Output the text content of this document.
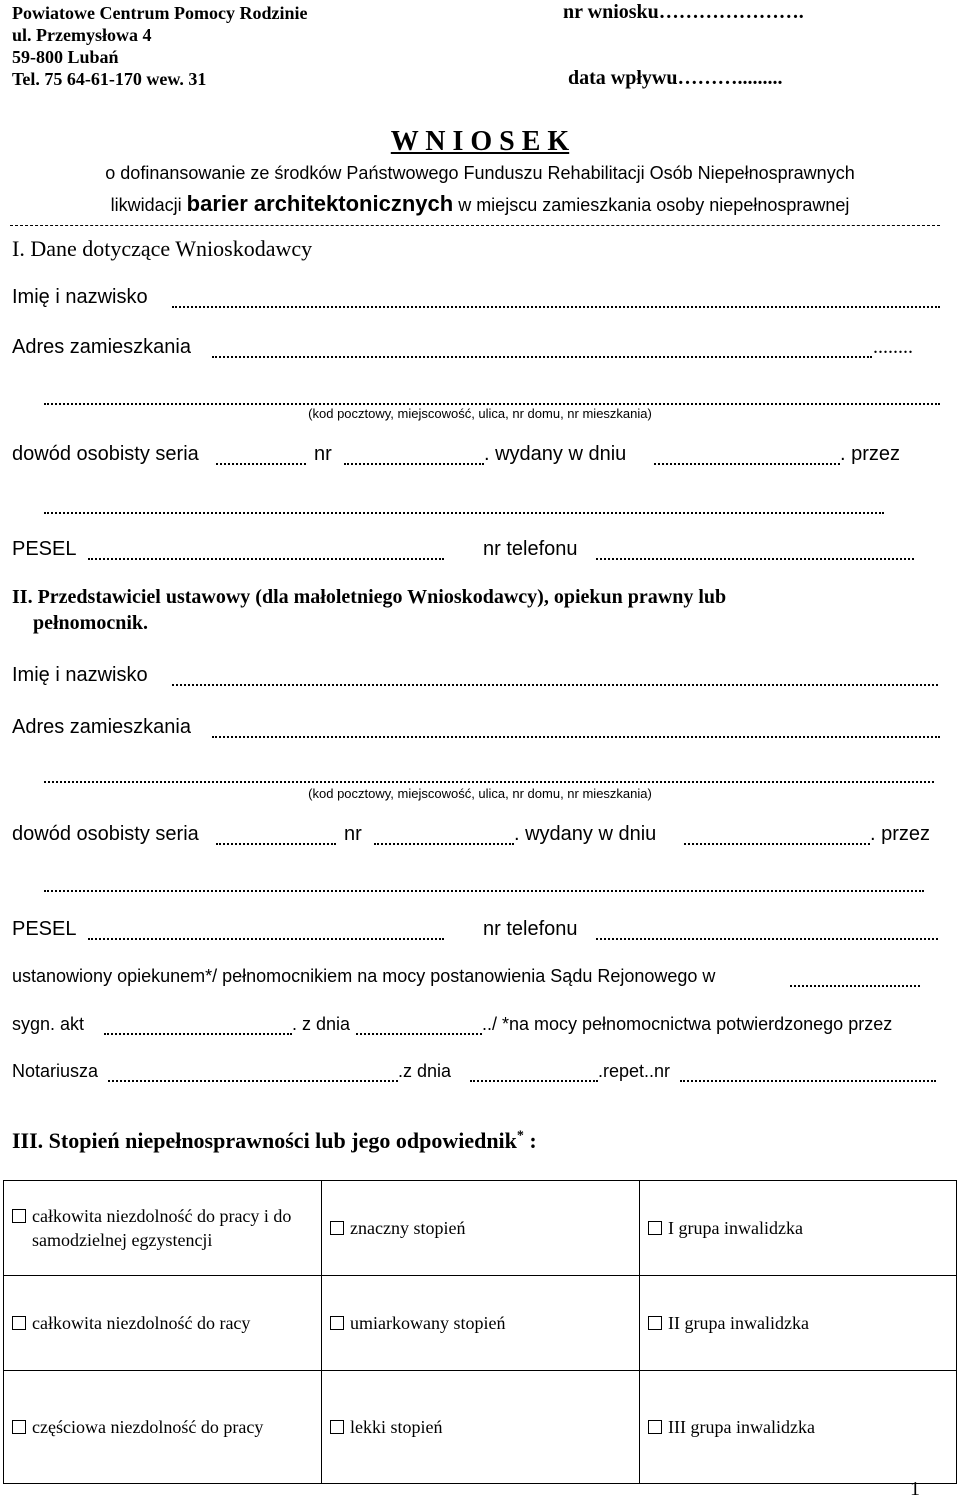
Powiatowe Centrum Pomocy Rodzinie
ul. Przemysłowa 4
59-800 Lubań
Tel. 75 64-61-170 wew. 31
nr wniosku………………….
data wpływu……….........
W N I O S E K
o dofinansowanie ze środków Państwowego Funduszu Rehabilitacji Osób Niepełnosprawnych
likwidacji barier architektonicznych w miejscu zamieszkania osoby niepełnosprawnej
I. Dane dotyczące Wnioskodawcy
Imię i nazwisko
Adres zamieszkania	........
(kod pocztowy, miejscowość, ulica, nr domu, nr mieszkania)
dowód osobisty seria	nr	. wydany w dniu	. przez
PESEL	nr telefonu
II. Przedstawiciel ustawowy (dla małoletniego Wnioskodawcy), opiekun prawny lub
pełnomocnik.
Imię i nazwisko
Adres zamieszkania
(kod pocztowy, miejscowość, ulica, nr domu, nr mieszkania)
dowód osobisty seria	nr	. wydany w dniu	. przez
PESEL	nr telefonu
ustanowiony opiekunem*/ pełnomocnikiem na mocy postanowienia Sądu Rejonowego w
sygn. akt	. z dnia	../ *na mocy pełnomocnictwa potwierdzonego przez
Notariusza	.z dnia	.repet..nr
III. Stopień niepełnosprawności lub jego odpowiednik* :
całkowita niezdolność do pracy i do samodzielnej egzystencji	znaczny stopień	I grupa inwalidzka

całkowita niezdolność do racy	umiarkowany stopień	II grupa inwalidzka

częściowa niezdolność do pracy	lekki stopień	III grupa inwalidzka
1
